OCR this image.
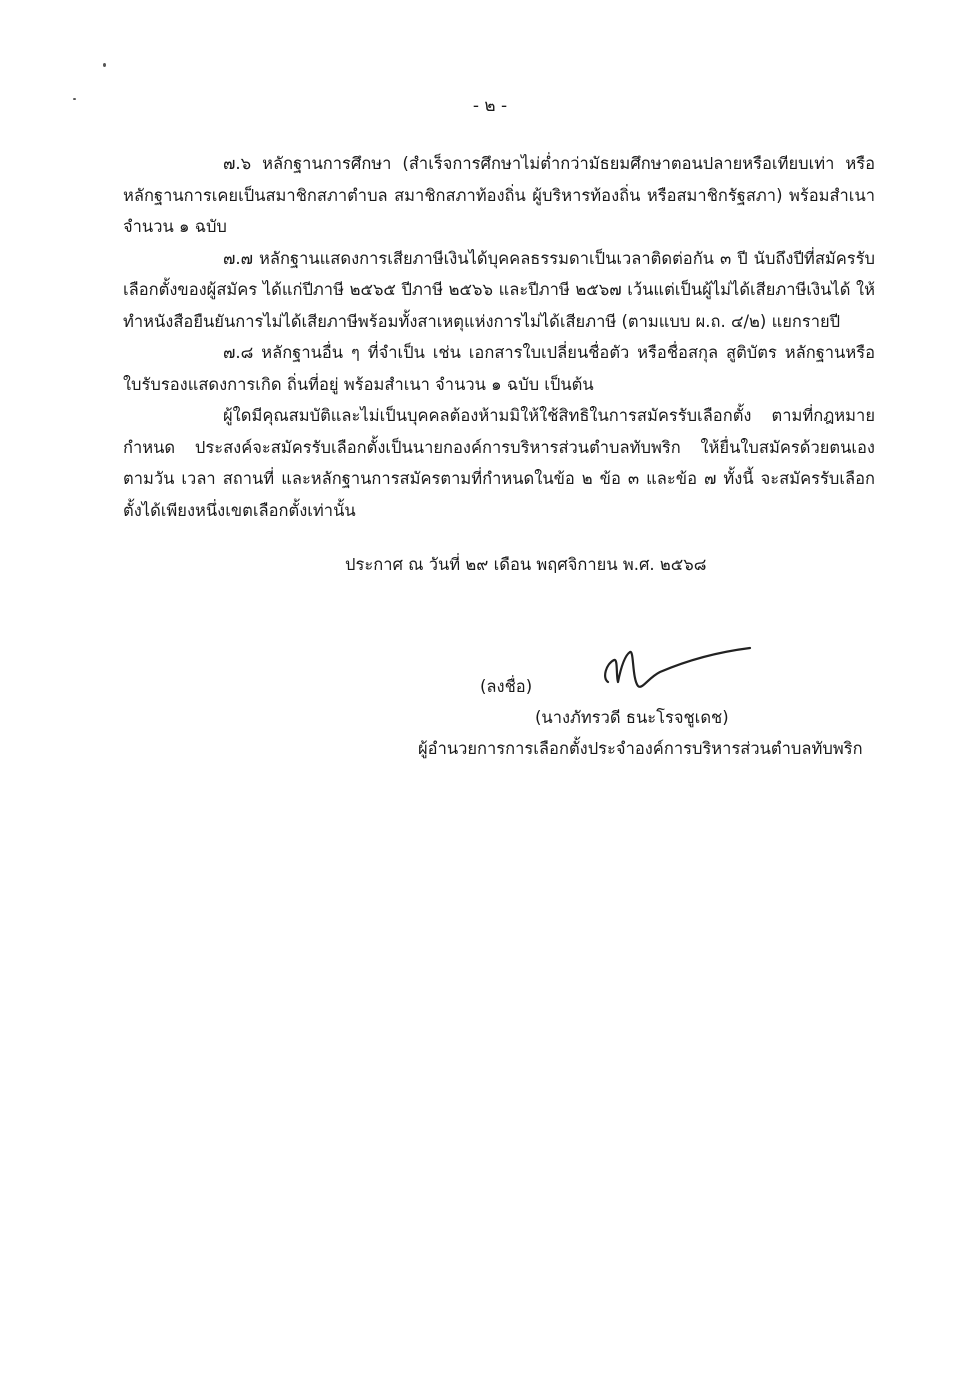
- ๒ -

๗.๖ หลักฐานการศึกษา (สำเร็จการศึกษาไม่ต่ำกว่ามัธยมศึกษาตอนปลายหรือเทียบเท่า หรือหลักฐานการเคยเป็นสมาชิกสภาตำบล สมาชิกสภาท้องถิ่น ผู้บริหารท้องถิ่น หรือสมาชิกรัฐสภา) พร้อมสำเนา จำนวน ๑ ฉบับ

๗.๗ หลักฐานแสดงการเสียภาษีเงินได้บุคคลธรรมดาเป็นเวลาติดต่อกัน ๓ ปี นับถึงปีที่สมัครรับเลือกตั้งของผู้สมัคร ได้แก่ปีภาษี ๒๕๖๕ ปีภาษี ๒๕๖๖ และปีภาษี ๒๕๖๗ เว้นแต่เป็นผู้ไม่ได้เสียภาษีเงินได้ ให้ทำหนังสือยืนยันการไม่ได้เสียภาษีพร้อมทั้งสาเหตุแห่งการไม่ได้เสียภาษี (ตามแบบ ผ.ถ. ๔/๒) แยกรายปี

๗.๘ หลักฐานอื่น ๆ ที่จำเป็น เช่น เอกสารใบเปลี่ยนชื่อตัว หรือชื่อสกุล สูติบัตร หลักฐานหรือใบรับรองแสดงการเกิด ถิ่นที่อยู่ พร้อมสำเนา จำนวน ๑ ฉบับ เป็นต้น

ผู้ใดมีคุณสมบัติและไม่เป็นบุคคลต้องห้ามมิให้ใช้สิทธิในการสมัครรับเลือกตั้ง ตามที่กฎหมายกำหนด ประสงค์จะสมัครรับเลือกตั้งเป็นนายกองค์การบริหารส่วนตำบลทับพริก ให้ยื่นใบสมัครด้วยตนเองตามวัน เวลา สถานที่ และหลักฐานการสมัครตามที่กำหนดในข้อ ๒ ข้อ ๓ และข้อ ๗ ทั้งนี้ จะสมัครรับเลือกตั้งได้เพียงหนึ่งเขตเลือกตั้งเท่านั้น

ประกาศ ณ วันที่ ๒๙ เดือน พฤศจิกายน พ.ศ. ๒๕๖๘
(ลงชื่อ)
(นางภัทรวดี ธนะโรจชูเดช)
ผู้อำนวยการการเลือกตั้งประจำองค์การบริหารส่วนตำบลทับพริก
